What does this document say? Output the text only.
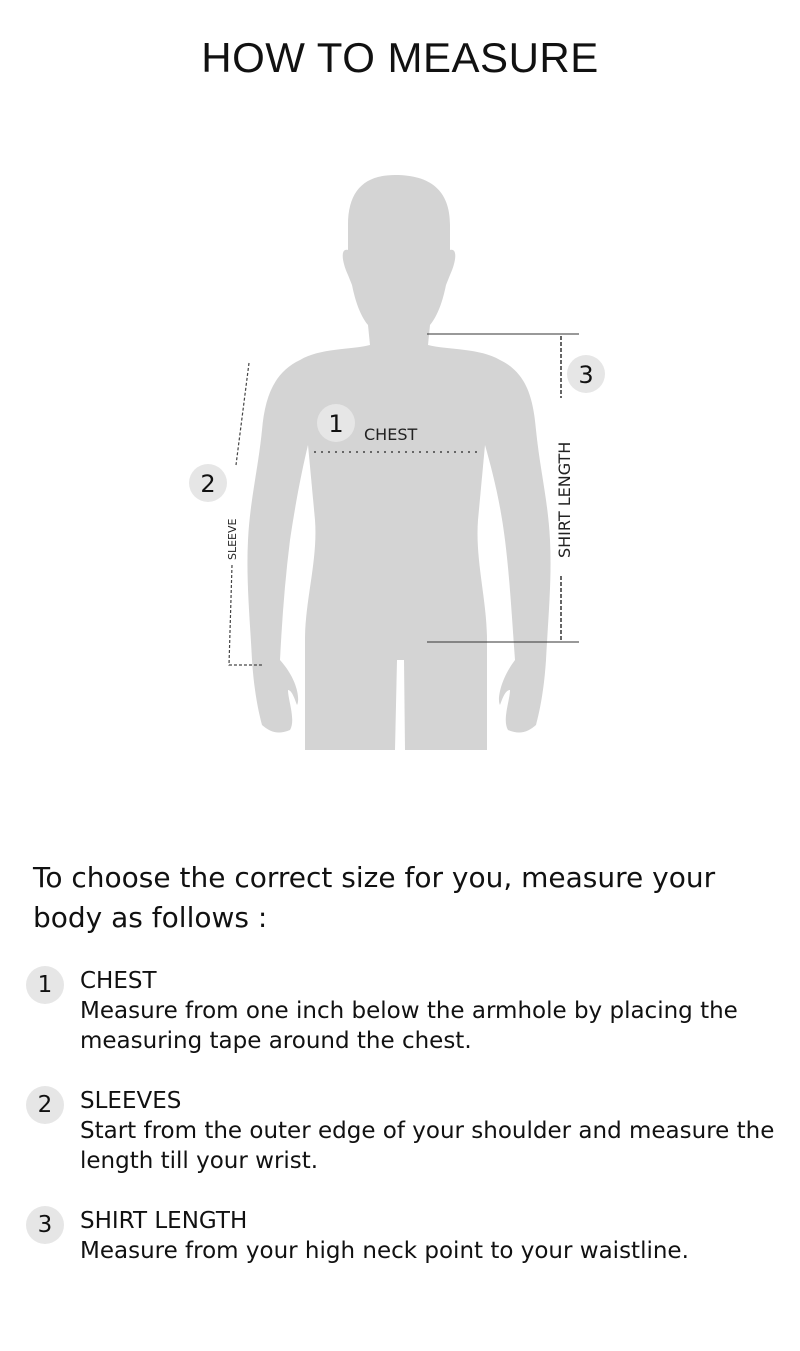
HOW TO MEASURE
1 CHEST
SLEEVE
2	SHIRT LENGTH
3

To choose the correct size for you, measure your body as follows :

1	CHEST
Measure from one inch below the armhole by placing the measuring tape around the chest.
2	SLEEVES
Start from the outer edge of your shoulder and measure the length till your wrist.
3	SHIRT LENGTH
Measure from your high neck point to your waistline.
